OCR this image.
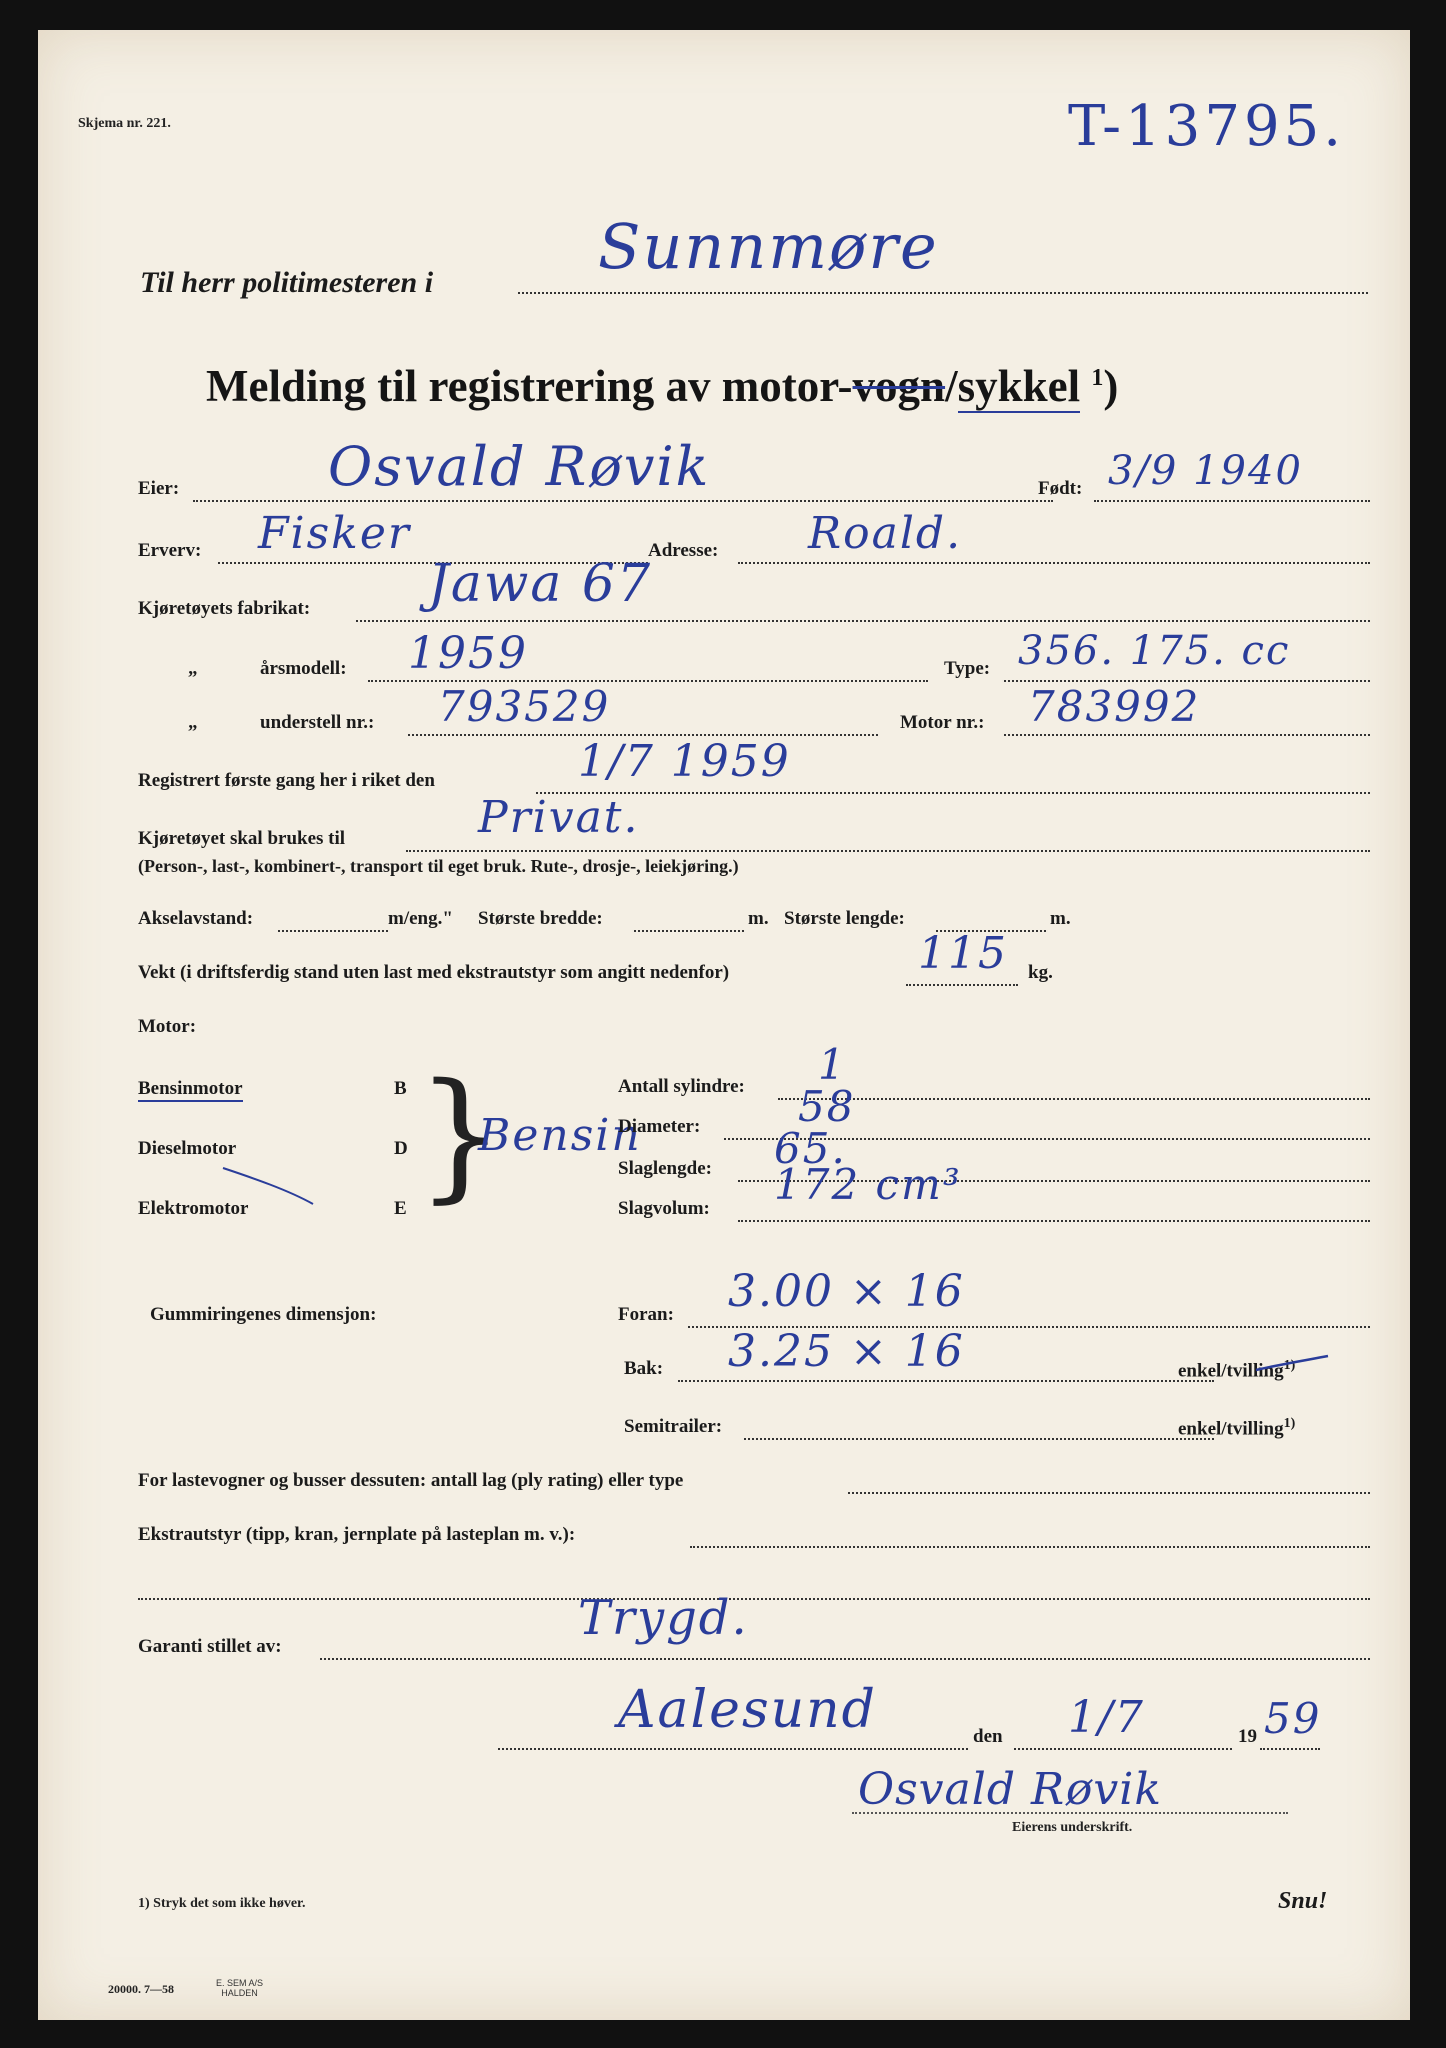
Skjema nr. 221.	T-13795.
Til herr politimesteren i	Sunnmøre
Melding til registrering av motor-vogn/sykkel $^1$)
Eier:	Osvald Røvik	Født: 3/9 1940
Erverv: Fisker	Adresse: Roald.
Kjøretøyets fabrikat: Jawa 67
„	årsmodell: 1959	Type: 356. 175. cc
„	understell nr.: 793529	Motor nr.: 783992
Registrert første gang her i riket den	1/7 1959
Kjøretøyet skal brukes til	Privat.
(Person-, last-, kombinert-, transport til eget bruk. Rute-, drosje-, leiekjøring.)
Akselavstand:	m/eng." Største bredde:	m. Største lengde:	m.
Vekt (i driftsferdig stand uten last med ekstrautstyr som angitt nedenfor)	115 kg.
Motor:
Bensinmotor	B
Dieselmotor	D
Elektromotor	E }
Bensin
Antall sylindre: 1
Diameter: 58
Slaglengde: 65.
Slagvolum: 172 cm³
Gummiringenes dimensjon:	Foran: 3.00 × 16
Bak: 3.25 × 16	enkel/tvilling$^{1)}$
Semitrailer:	enkel/tvilling$^{1)}$
For lastevogner og busser dessuten: antall lag (ply rating) eller type
Ekstrautstyr (tipp, kran, jernplate på lasteplan m. v.):
Garanti stillet av:
Trygd.
Aalesund	den 1/7	19 59
Osvald Røvik
Eierens underskrift.
1) Stryk det som ikke høver.	Snu!
20000. 7—58	E. SEM A/S
HALDEN
